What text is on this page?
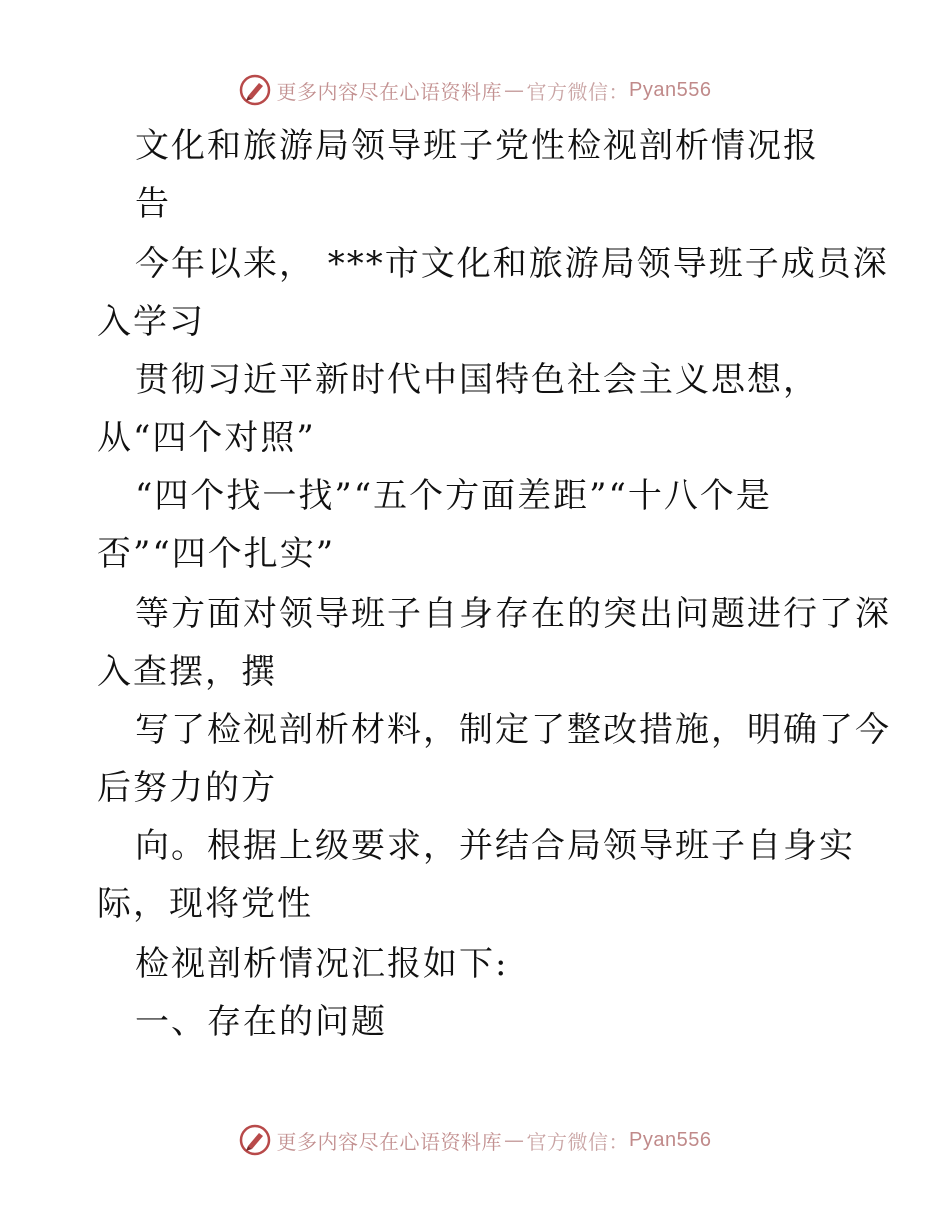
更多内容尽在心语资料库 — 官方微信： Pyan556
文化和旅游局领导班子党性检视剖析情况报
告
今年以来， ***市文化和旅游局领导班子成员深
入学习
贯彻习近平新时代中国特色社会主义思想，
从“四个对照”
“四个找一找”“五个方面差距”“十八个是
否”“四个扎实”
等方面对领导班子自身存在的突出问题进行了深
入查摆，撰
写了检视剖析材料，制定了整改措施，明确了今
后努力的方
向。根据上级要求，并结合局领导班子自身实
际，现将党性
检视剖析情况汇报如下:
一、存在的问题
更多内容尽在心语资料库 — 官方微信： Pyan556
